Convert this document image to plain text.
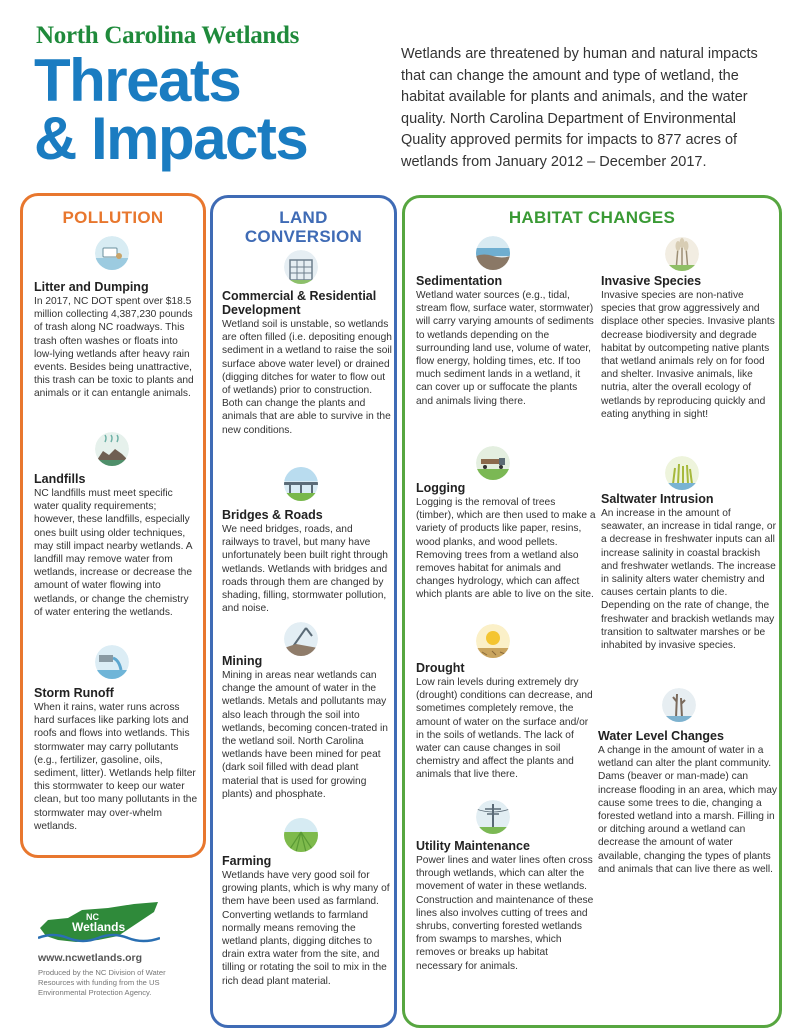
North Carolina Wetlands
Threats
& Impacts

Wetlands are threatened by human and natural impacts that can change the amount and type of wetland, the habitat available for plants and animals, and the water quality. North Carolina Department of Environmental Quality approved permits for impacts to 877 acres of wetlands from January 2012 – December 2017.

POLLUTION	LAND
CONVERSION
HABITAT CHANGES
Litter and Dumping

In 2017, NC DOT spent over $18.5 million collecting 4,387,230 pounds of trash along NC roadways. This trash often washes or floats into low-lying wetlands after heavy rain events. Besides being unattractive, this trash can be toxic to plants and animals or it can entangle animals.

Landfills

NC landfills must meet specific water quality requirements; however, these landfills, especially ones built using older techniques, may still impact nearby wetlands. A landfill may remove water from wetlands, increase or decrease the amount of water flowing into wetlands, or change the chemistry of water entering the wetlands.

Storm Runoff

When it rains, water runs across hard surfaces like parking lots and roofs and flows into wetlands. This stormwater may carry pollutants (e.g., fertilizer, gasoline, oils, sediment, litter). Wetlands help filter this stormwater to keep our water clean, but too many pollutants in the stormwater may over-whelm wetlands.

Commercial & Residential Development

Wetland soil is unstable, so wetlands are often filled (i.e. depositing enough sediment in a wetland to raise the soil surface above water level) or drained (digging ditches for water to flow out of wetlands) prior to construction. Both can change the plants and animals that are able to survive in the new conditions.

Bridges & Roads

We need bridges, roads, and railways to travel, but many have unfortunately been built right through wetlands. Wetlands with bridges and roads through them are changed by shading, filling, stormwater pollution, and noise.

Mining

Mining in areas near wetlands can change the amount of water in the wetlands. Metals and pollutants may also leach through the soil into wetlands, becoming concen-trated in the wetland soil. North Carolina wetlands have been mined for peat (dark soil filled with dead plant material that is used for growing plants) and phosphate.

Farming

Wetlands have very good soil for growing plants, which is why many of them have been used as farmland. Converting wetlands to farmland normally means removing the wetland plants, digging ditches to drain extra water from the site, and tilling or rotating the soil to mix in the rich dead plant material.

Sedimentation

Wetland water sources (e.g., tidal, stream flow, surface water, stormwater) will carry varying amounts of sediments to wetlands depending on the surrounding land use, volume of water, flow energy, holding times, etc. If too much sediment lands in a wetland, it can cover up or suffocate the plants and animals living there.

Logging

Logging is the removal of trees (timber), which are then used to make a variety of products like paper, resins, wood planks, and wood pellets. Removing trees from a wetland also removes habitat for animals and changes hydrology, which can affect which plants are able to live on the site.

Drought

Low rain levels during extremely dry (drought) conditions can decrease, and sometimes completely remove, the amount of water on the surface and/or in the soils of wetlands. The lack of water can cause changes in soil chemistry and affect the plants and animals that live there.

Utility Maintenance

Power lines and water lines often cross through wetlands, which can alter the movement of water in these wetlands. Construction and maintenance of these lines also involves cutting of trees and shrubs, converting forested wetlands from swamps to marshes, which removes or breaks up habitat necessary for animals.

Invasive Species

Invasive species are non-native species that grow aggressively and displace other species. Invasive plants decrease biodiversity and degrade habitat by outcompeting native plants that wetland animals rely on for food and shelter. Invasive animals, like nutria, alter the overall ecology of wetlands by reproducing quickly and eating anything in sight!

Saltwater Intrusion

An increase in the amount of seawater, an increase in tidal range, or a decrease in freshwater inputs can all increase salinity in coastal brackish and freshwater wetlands. The increase in salinity alters water chemistry and causes certain plants to die. Depending on the rate of change, the freshwater and brackish wetlands may transition to saltwater marshes or be inhabited by invasive species.

Water Level Changes

A change in the amount of water in a wetland can alter the plant community. Dams (beaver or man-made) can increase flooding in an area, which may cause some trees to die, changing a forested wetland into a marsh. Filling in or ditching around a wetland can decrease the amount of water available, changing the types of plants and animals that can live there as well.

NC
Wetlands
www.ncwetlands.org

Produced by the NC Division of Water Resources with funding from the US Environmental Protection Agency.
